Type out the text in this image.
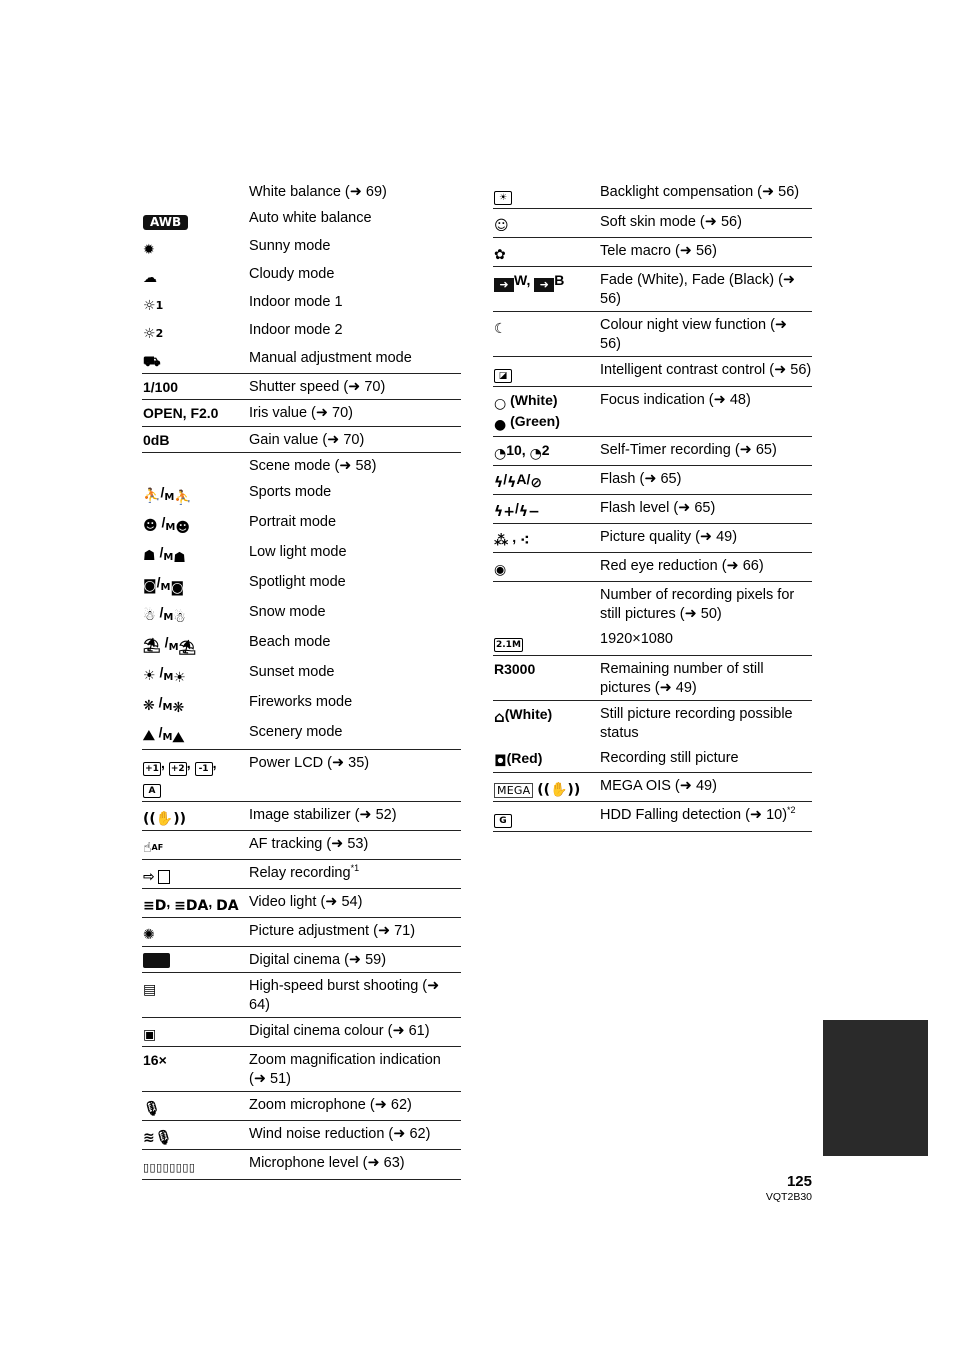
	White balance (➜ 69)
AWB	Auto white balance
✹	Sunny mode
☁	Cloudy mode
☼ 1	Indoor mode 1
☼ 2	Indoor mode 2
⛟	Manual adjustment mode
1/100	Shutter speed (➜ 70)
OPEN, F2.0	Iris value (➜ 70)
0dB	Gain value (➜ 70)
	Scene mode (➜ 58)
⛹/ M ⛹	Sports mode
☻ / M ☻	Portrait mode
☗ / M ☗	Low light mode
◙/ M ◙	Spotlight mode
☃ / M ☃	Snow mode
⛱ / M ⛱	Beach mode
☀ / M ☀	Sunset mode
❋ / M ❋	Fireworks mode
⛰ / M ⛰	Scenery mode
+1 , +2 , -1 ,
A	Power LCD (➜ 35)
((✋))	Image stabilizer (➜ 52)
☝ AF	AF tracking (➜ 53)
⇨	Relay recording$^{*1}$
≡D, ≡DA, DA	Video light (➜ 54)
✺	Picture adjustment (➜ 71)
	Digital cinema (➜ 59)
▤	High-speed burst shooting (➜ 64)
▣	Digital cinema colour (➜ 61)
16×	Zoom magnification indication (➜ 51)
🎙	Zoom microphone (➜ 62)
≋🎙	Wind noise reduction (➜ 62)
▯▯▯▯▯▯▯▯	Microphone level (➜ 63)
☀	Backlight compensation (➜ 56)
☺	Soft skin mode (➜ 56)
✿	Tele macro (➜ 56)
➜ W, ➜ B	Fade (White), Fade (Black) (➜ 56)
☾	Colour night view function (➜ 56)
◪	Intelligent contrast control (➜ 56)
○ (White)
● (Green)	Focus indication (➜ 48)
◔10, ◔2	Self-Timer recording (➜ 65)
ϟ/ϟA/⊘	Flash (➜ 65)
ϟ+/ϟ−	Flash level (➜ 65)
⁂ , ⁖	Picture quality (➜ 49)
◉	Red eye reduction (➜ 66)
	Number of recording pixels for still pictures (➜ 50)
2.1M	1920×1080
R3000	Remaining number of still pictures (➜ 49)
⌂(White)	Still picture recording possible status
◘(Red)	Recording still picture
MEGA ((✋))	MEGA OIS (➜ 49)
G	HDD Falling detection (➜ 10)$^{*2}$
125
VQT2B30
